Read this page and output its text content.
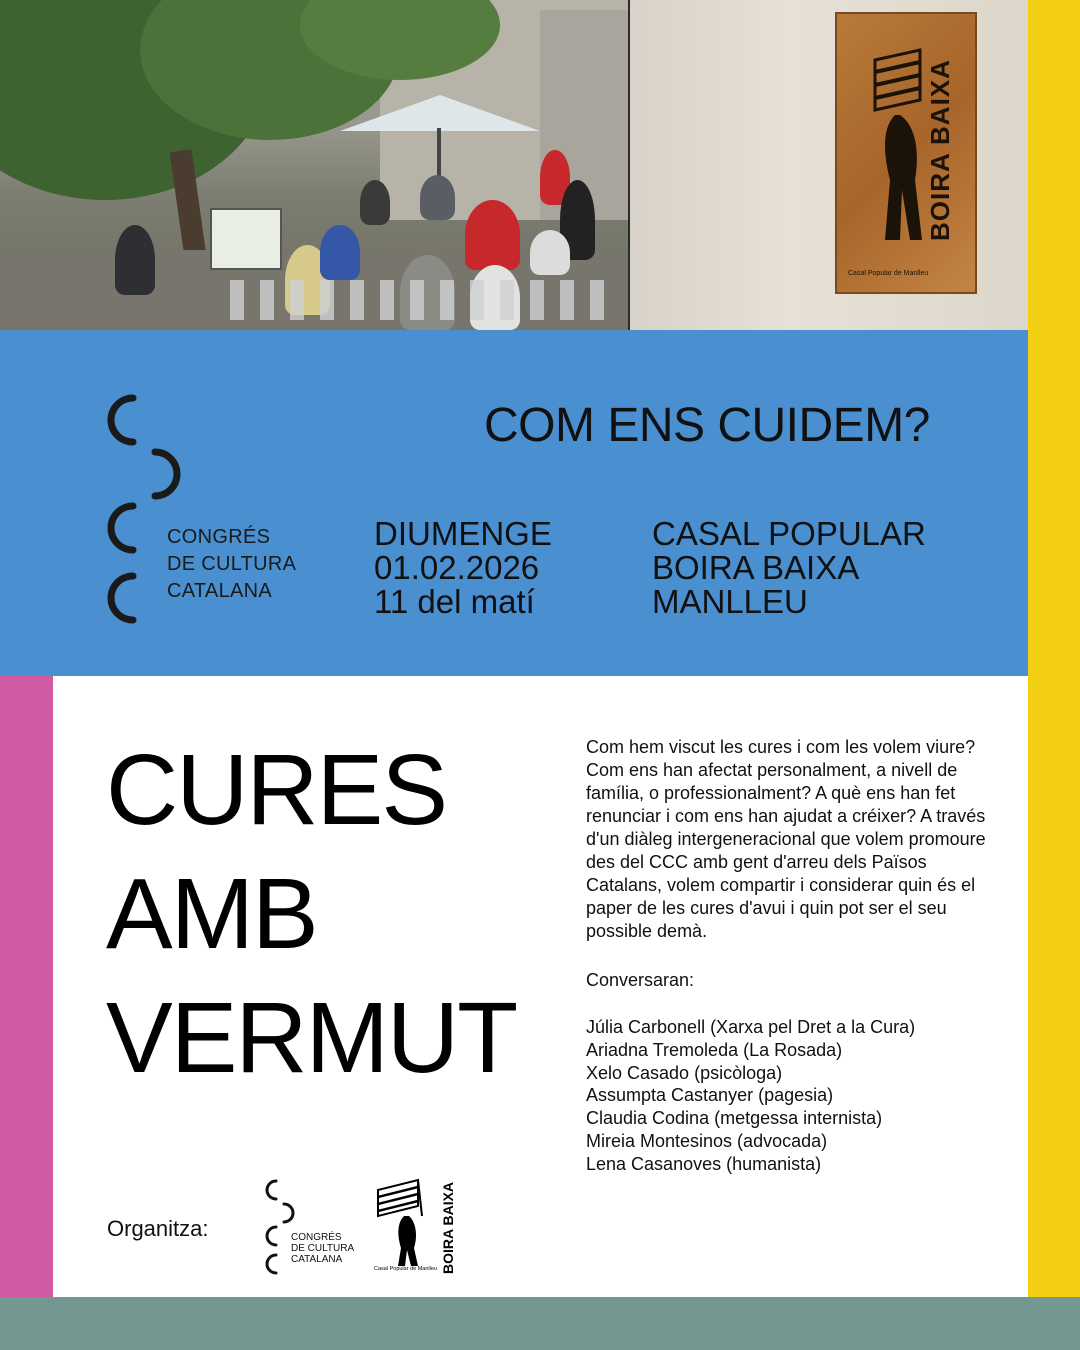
BOIRA BAIXA
Casal Popular de Manlleu
CONGRÉS
DE CULTURA
CATALANA
COM ENS CUIDEM?
DIUMENGE
01.02.2026
11 del matí
CASAL POPULAR
BOIRA BAIXA
MANLLEU
CURES
AMB
VERMUT
Com hem viscut les cures i com les volem viure? Com ens han afectat personalment, a nivell de família, o professionalment? A què ens han fet renunciar i com ens han ajudat a créixer? A través d'un diàleg intergeneracional que volem promoure des del CCC amb gent d'arreu dels Països Catalans, volem compartir i considerar quin és el paper de les cures d'avui i quin pot ser el seu possible demà.
Conversaran:
Júlia Carbonell (Xarxa pel Dret a la Cura)
Ariadna Tremoleda (La Rosada)
Xelo Casado (psicòloga)
Assumpta Castanyer (pagesia)
Claudia Codina (metgessa internista)
Mireia Montesinos (advocada)
Lena Casanoves (humanista)
Organitza:	CONGRÉS
DE CULTURA
CATALANA	BOIRA BAIXA
Casal Popular de Manlleu
